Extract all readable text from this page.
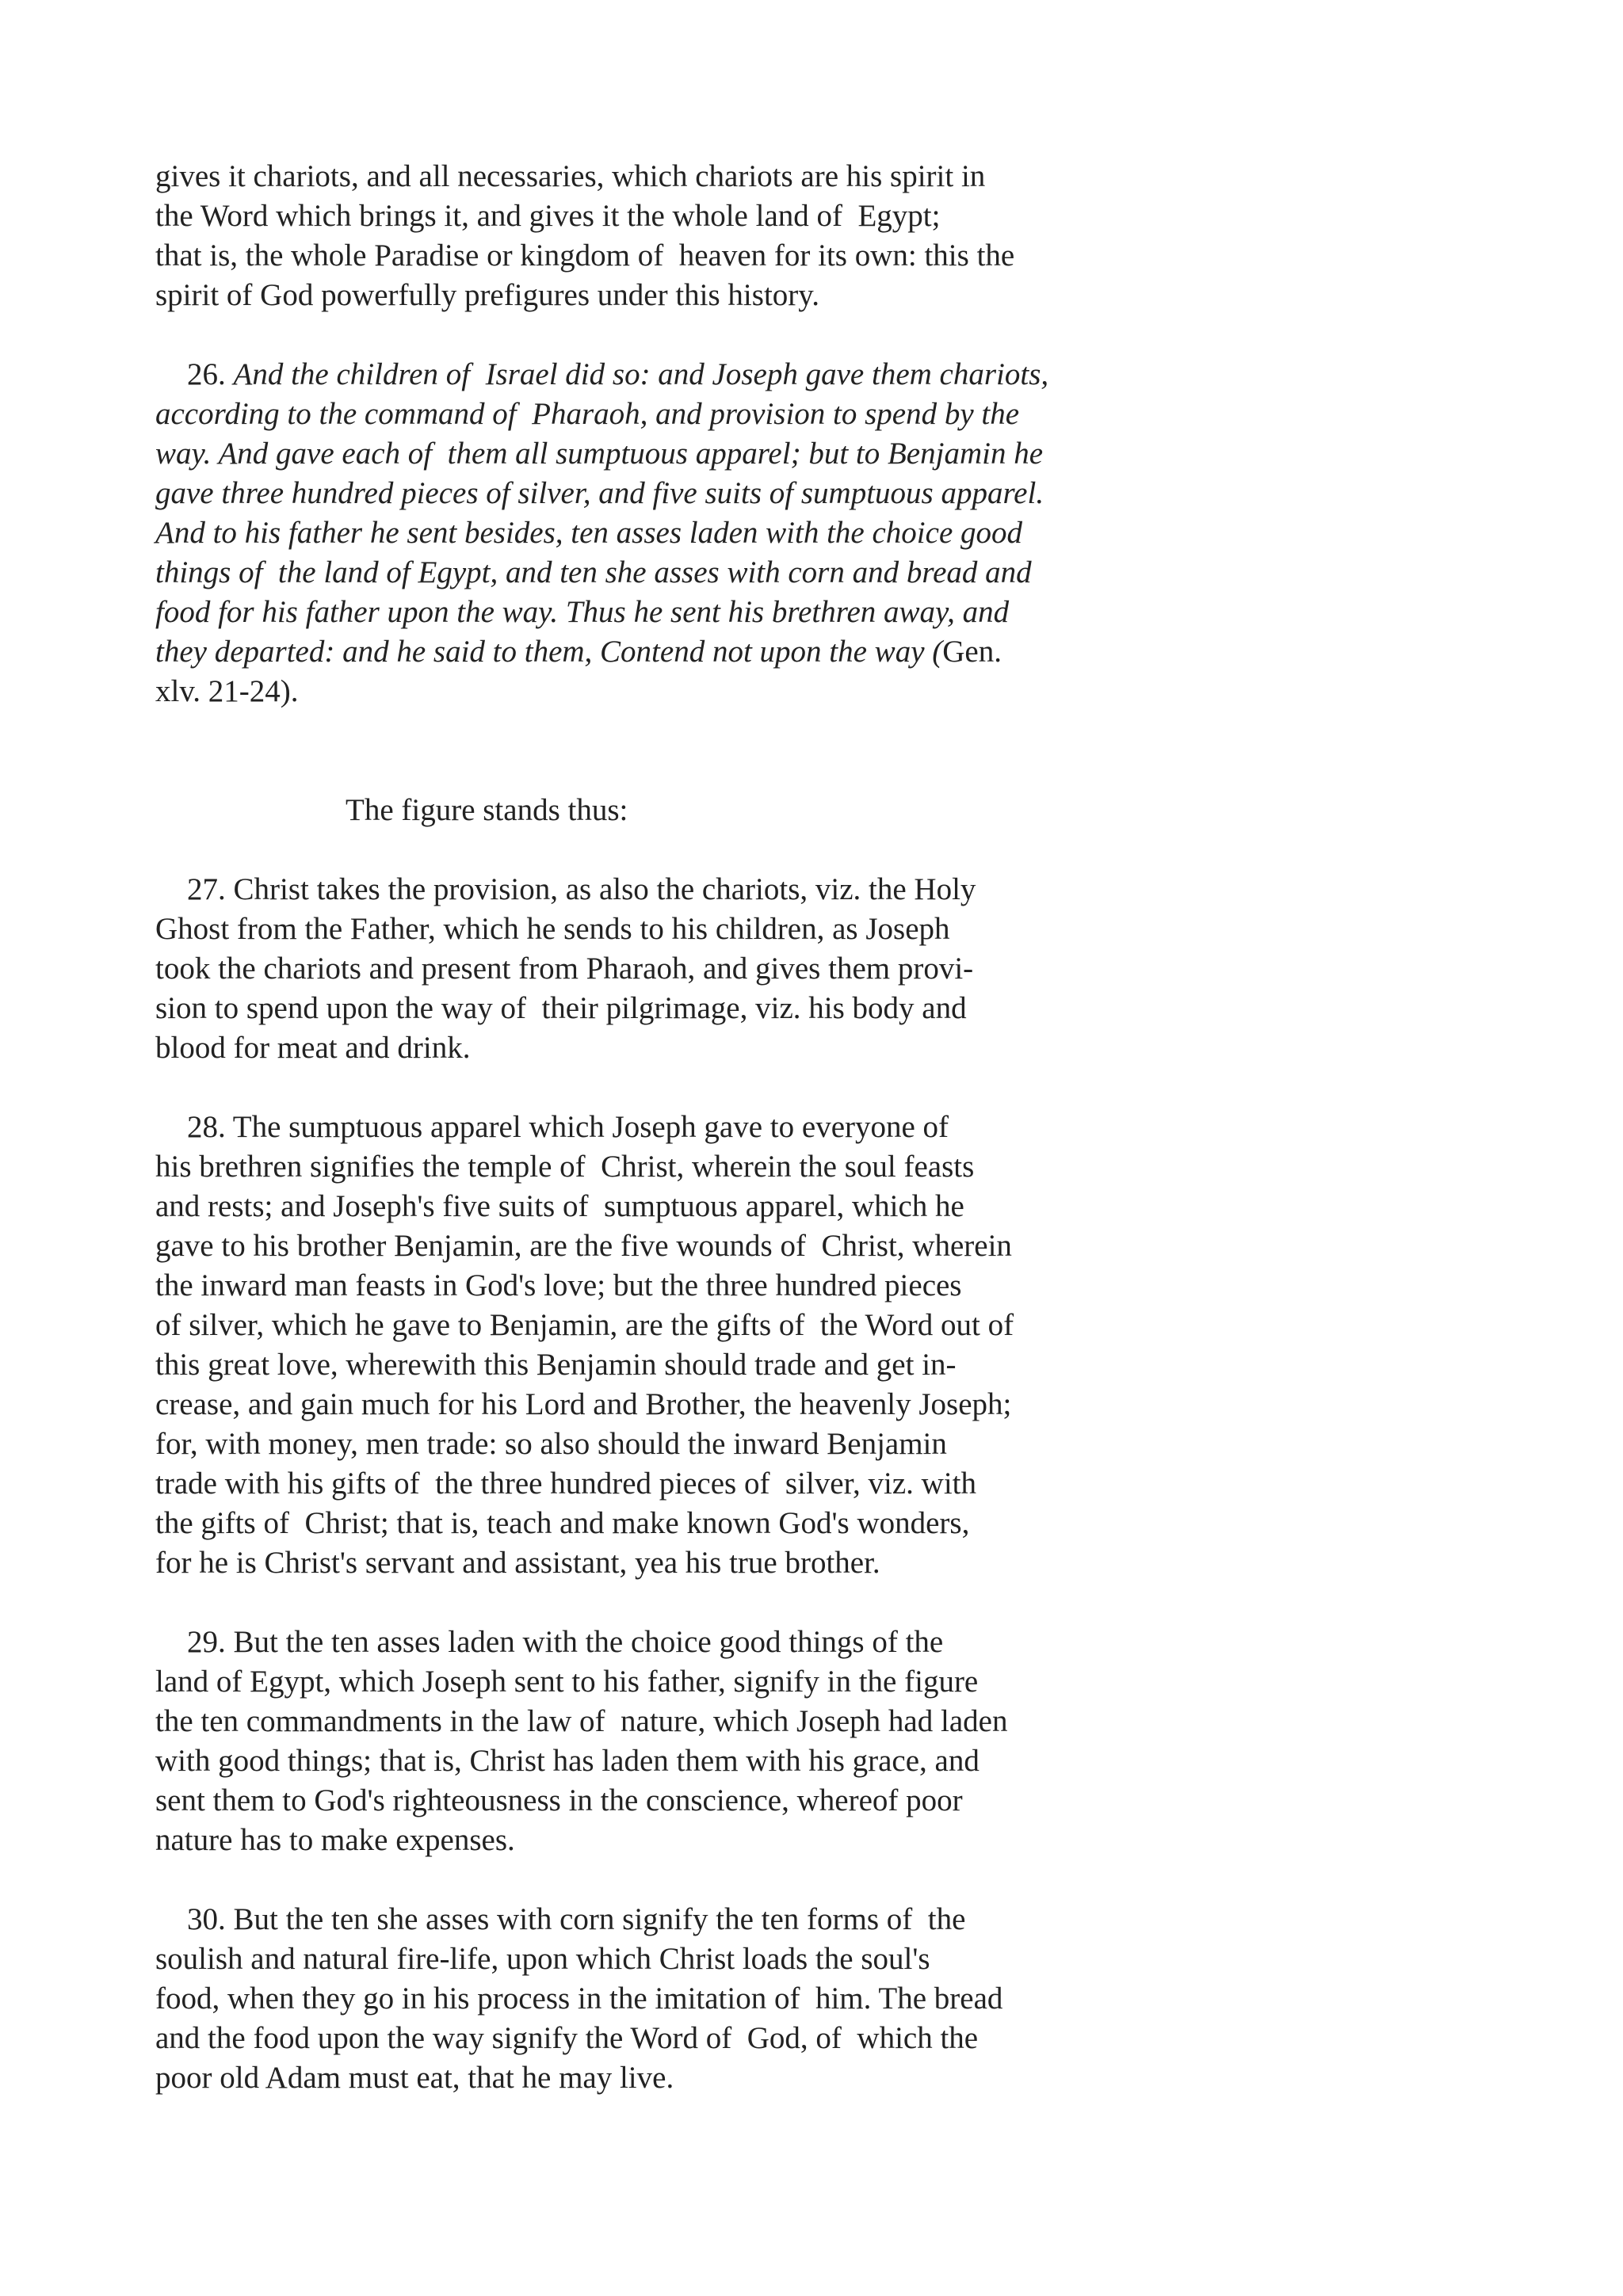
gives it chariots, and all necessaries, which chariots are his spirit in

the Word which brings it, and gives it the whole land of  Egypt;

that is, the whole Paradise or kingdom of  heaven for its own: this the

spirit of God powerfully prefigures under this history.

26. And the children of  Israel did so: and Joseph gave them chariots,

according to the command of  Pharaoh, and provision to spend by the

way. And gave each of  them all sumptuous apparel; but to Benjamin he

gave three hundred pieces of silver, and five suits of sumptuous apparel.

And to his father he sent besides, ten asses laden with the choice good

things of  the land of Egypt, and ten she asses with corn and bread and

food for his father upon the way. Thus he sent his brethren away, and

they departed: and he said to them, Contend not upon the way (Gen.

xlv. 21-24).

The figure stands thus:

27. Christ takes the provision, as also the chariots, viz. the Holy

Ghost from the Father, which he sends to his children, as Joseph

took the chariots and present from Pharaoh, and gives them provi-

sion to spend upon the way of  their pilgrimage, viz. his body and

blood for meat and drink.

28. The sumptuous apparel which Joseph gave to everyone of

his brethren signifies the temple of  Christ, wherein the soul feasts

and rests; and Joseph's five suits of  sumptuous apparel, which he

gave to his brother Benjamin, are the five wounds of  Christ, wherein

the inward man feasts in God's love; but the three hundred pieces

of silver, which he gave to Benjamin, are the gifts of  the Word out of

this great love, wherewith this Benjamin should trade and get in-

crease, and gain much for his Lord and Brother, the heavenly Joseph;

for, with money, men trade: so also should the inward Benjamin

trade with his gifts of  the three hundred pieces of  silver, viz. with

the gifts of  Christ; that is, teach and make known God's wonders,

for he is Christ's servant and assistant, yea his true brother.

29. But the ten asses laden with the choice good things of the

land of Egypt, which Joseph sent to his father, signify in the figure

the ten commandments in the law of  nature, which Joseph had laden

with good things; that is, Christ has laden them with his grace, and

sent them to God's righteousness in the conscience, whereof poor

nature has to make expenses.

30. But the ten she asses with corn signify the ten forms of  the

soulish and natural fire-life, upon which Christ loads the soul's

food, when they go in his process in the imitation of  him. The bread

and the food upon the way signify the Word of  God, of  which the

poor old Adam must eat, that he may live.
